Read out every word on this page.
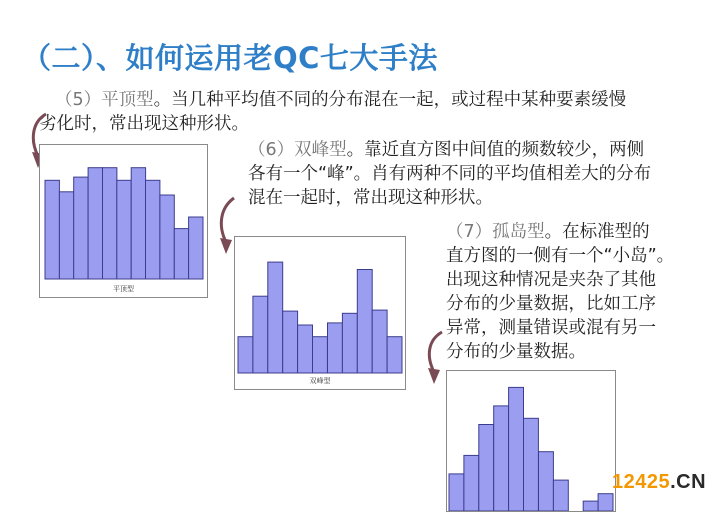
（二）、如何运用老QC七大手法
（5）平顶型。当几种平均值不同的分布混在一起，或过程中某种要素缓慢
劣化时，常出现这种形状。
（6）双峰型。靠近直方图中间值的频数较少，两侧
各有一个“峰”。肖有两种不同的平均值相差大的分布
混在一起时，常出现这种形状。
（7）孤岛型。在标准型的
直方图的一侧有一个“小岛”。
出现这种情况是夹杂了其他
分布的少量数据，比如工序
异常，测量错误或混有另一
分布的少量数据。
平顶型
双峰型
12425.CN
